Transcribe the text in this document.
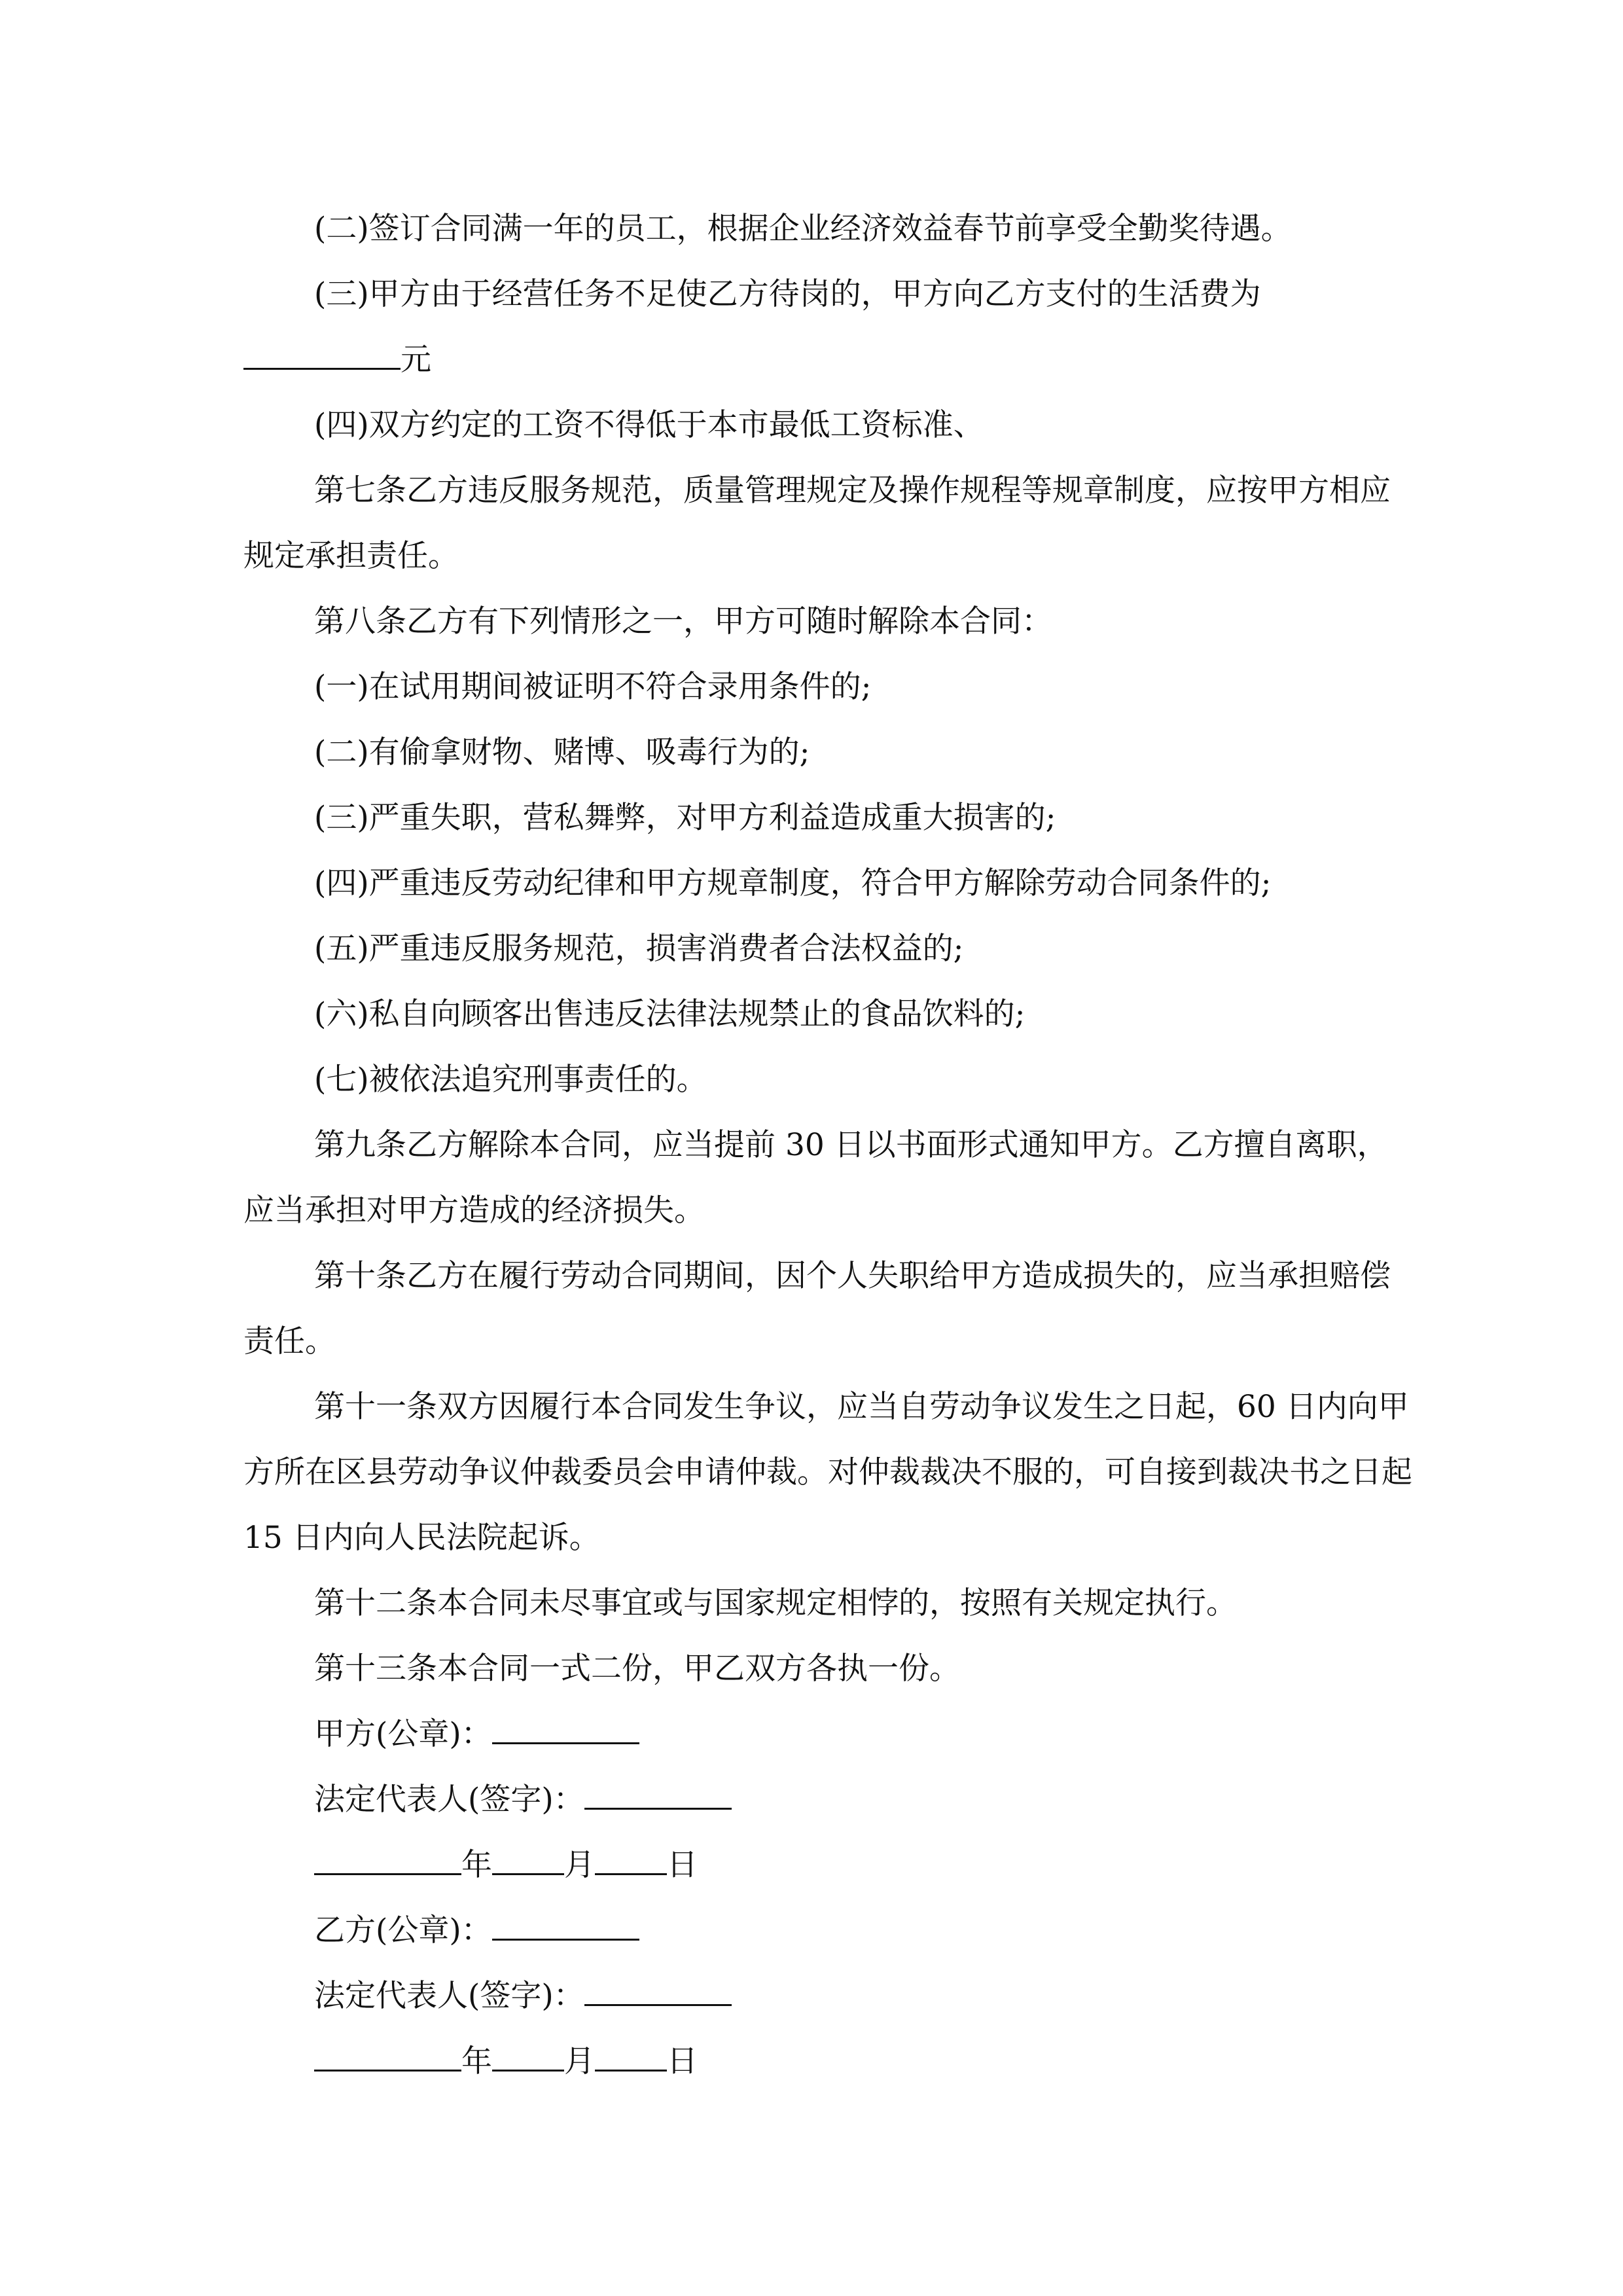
(二)签订合同满一年的员工，根据企业经济效益春节前享受全勤奖待遇。

(三)甲方由于经营任务不足使乙方待岗的，甲方向乙方支付的生活费为

元

(四)双方约定的工资不得低于本市最低工资标准、

第七条乙方违反服务规范，质量管理规定及操作规程等规章制度，应按甲方相应规定承担责任。

第八条乙方有下列情形之一，甲方可随时解除本合同：

(一)在试用期间被证明不符合录用条件的;

(二)有偷拿财物、赌博、吸毒行为的;

(三)严重失职，营私舞弊，对甲方利益造成重大损害的;

(四)严重违反劳动纪律和甲方规章制度，符合甲方解除劳动合同条件的;

(五)严重违反服务规范，损害消费者合法权益的;

(六)私自向顾客出售违反法律法规禁止的食品饮料的;

(七)被依法追究刑事责任的。

第九条乙方解除本合同，应当提前 30 日以书面形式通知甲方。乙方擅自离职，应当承担对甲方造成的经济损失。

第十条乙方在履行劳动合同期间，因个人失职给甲方造成损失的，应当承担赔偿责任。

第十一条双方因履行本合同发生争议，应当自劳动争议发生之日起，60 日内向甲方所在区县劳动争议仲裁委员会申请仲裁。对仲裁裁决不服的，可自接到裁决书之日起 15 日内向人民法院起诉。

第十二条本合同未尽事宜或与国家规定相悖的，按照有关规定执行。

第十三条本合同一式二份，甲乙双方各执一份。

甲方(公章)：

法定代表人(签字)：

年 月 日

乙方(公章)：

法定代表人(签字)：

年 月 日
